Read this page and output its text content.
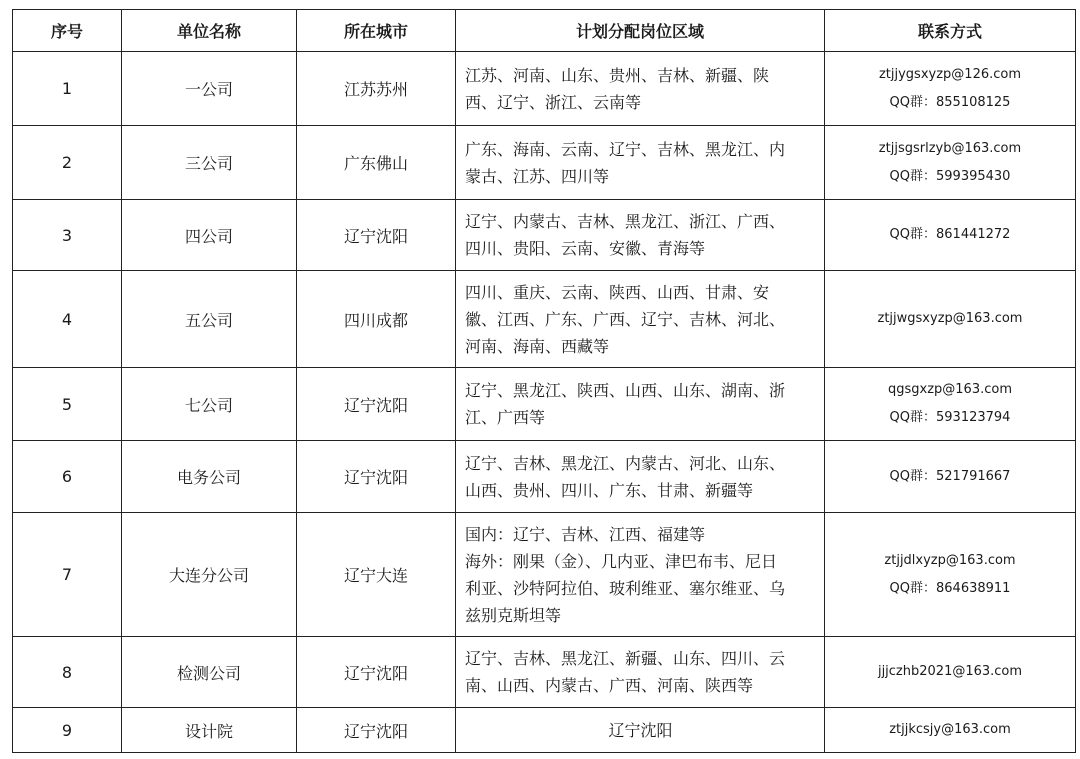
序号	单位名称	所在城市	计划分配岗位区域	联系方式
1	一公司	江苏苏州	江苏、河南、山东、贵州、吉林、新疆、陕
西、辽宁、浙江、云南等	ztjjygsxyzp@126.com
QQ群：855108125

2	三公司	广东佛山	广东、海南、云南、辽宁、吉林、黑龙江、内
蒙古、江苏、四川等	ztjjsgsrlzyb@163.com
QQ群：599395430

3	四公司	辽宁沈阳	辽宁、内蒙古、吉林、黑龙江、浙江、广西、
四川、贵阳、云南、安徽、青海等	QQ群：861441272

4	五公司	四川成都	四川、重庆、云南、陕西、山西、甘肃、安
徽、江西、广东、广西、辽宁、吉林、河北、
河南、海南、西藏等	ztjjwgsxyzp@163.com

5	七公司	辽宁沈阳	辽宁、黑龙江、陕西、山西、山东、湖南、浙
江、广西等	qgsgxzp@163.com
QQ群：593123794

6	电务公司	辽宁沈阳	辽宁、吉林、黑龙江、内蒙古、河北、山东、
山西、贵州、四川、广东、甘肃、新疆等	QQ群：521791667

7	大连分公司	辽宁大连	国内：辽宁、吉林、江西、福建等
海外：刚果（金）、几内亚、津巴布韦、尼日
利亚、沙特阿拉伯、玻利维亚、塞尔维亚、乌
兹别克斯坦等	ztjjdlxyzp@163.com
QQ群：864638911

8	检测公司	辽宁沈阳	辽宁、吉林、黑龙江、新疆、山东、四川、云
南、山西、内蒙古、广西、河南、陕西等	jjjczhb2021@163.com

9	设计院	辽宁沈阳	辽宁沈阳	ztjjkcsjy@163.com
